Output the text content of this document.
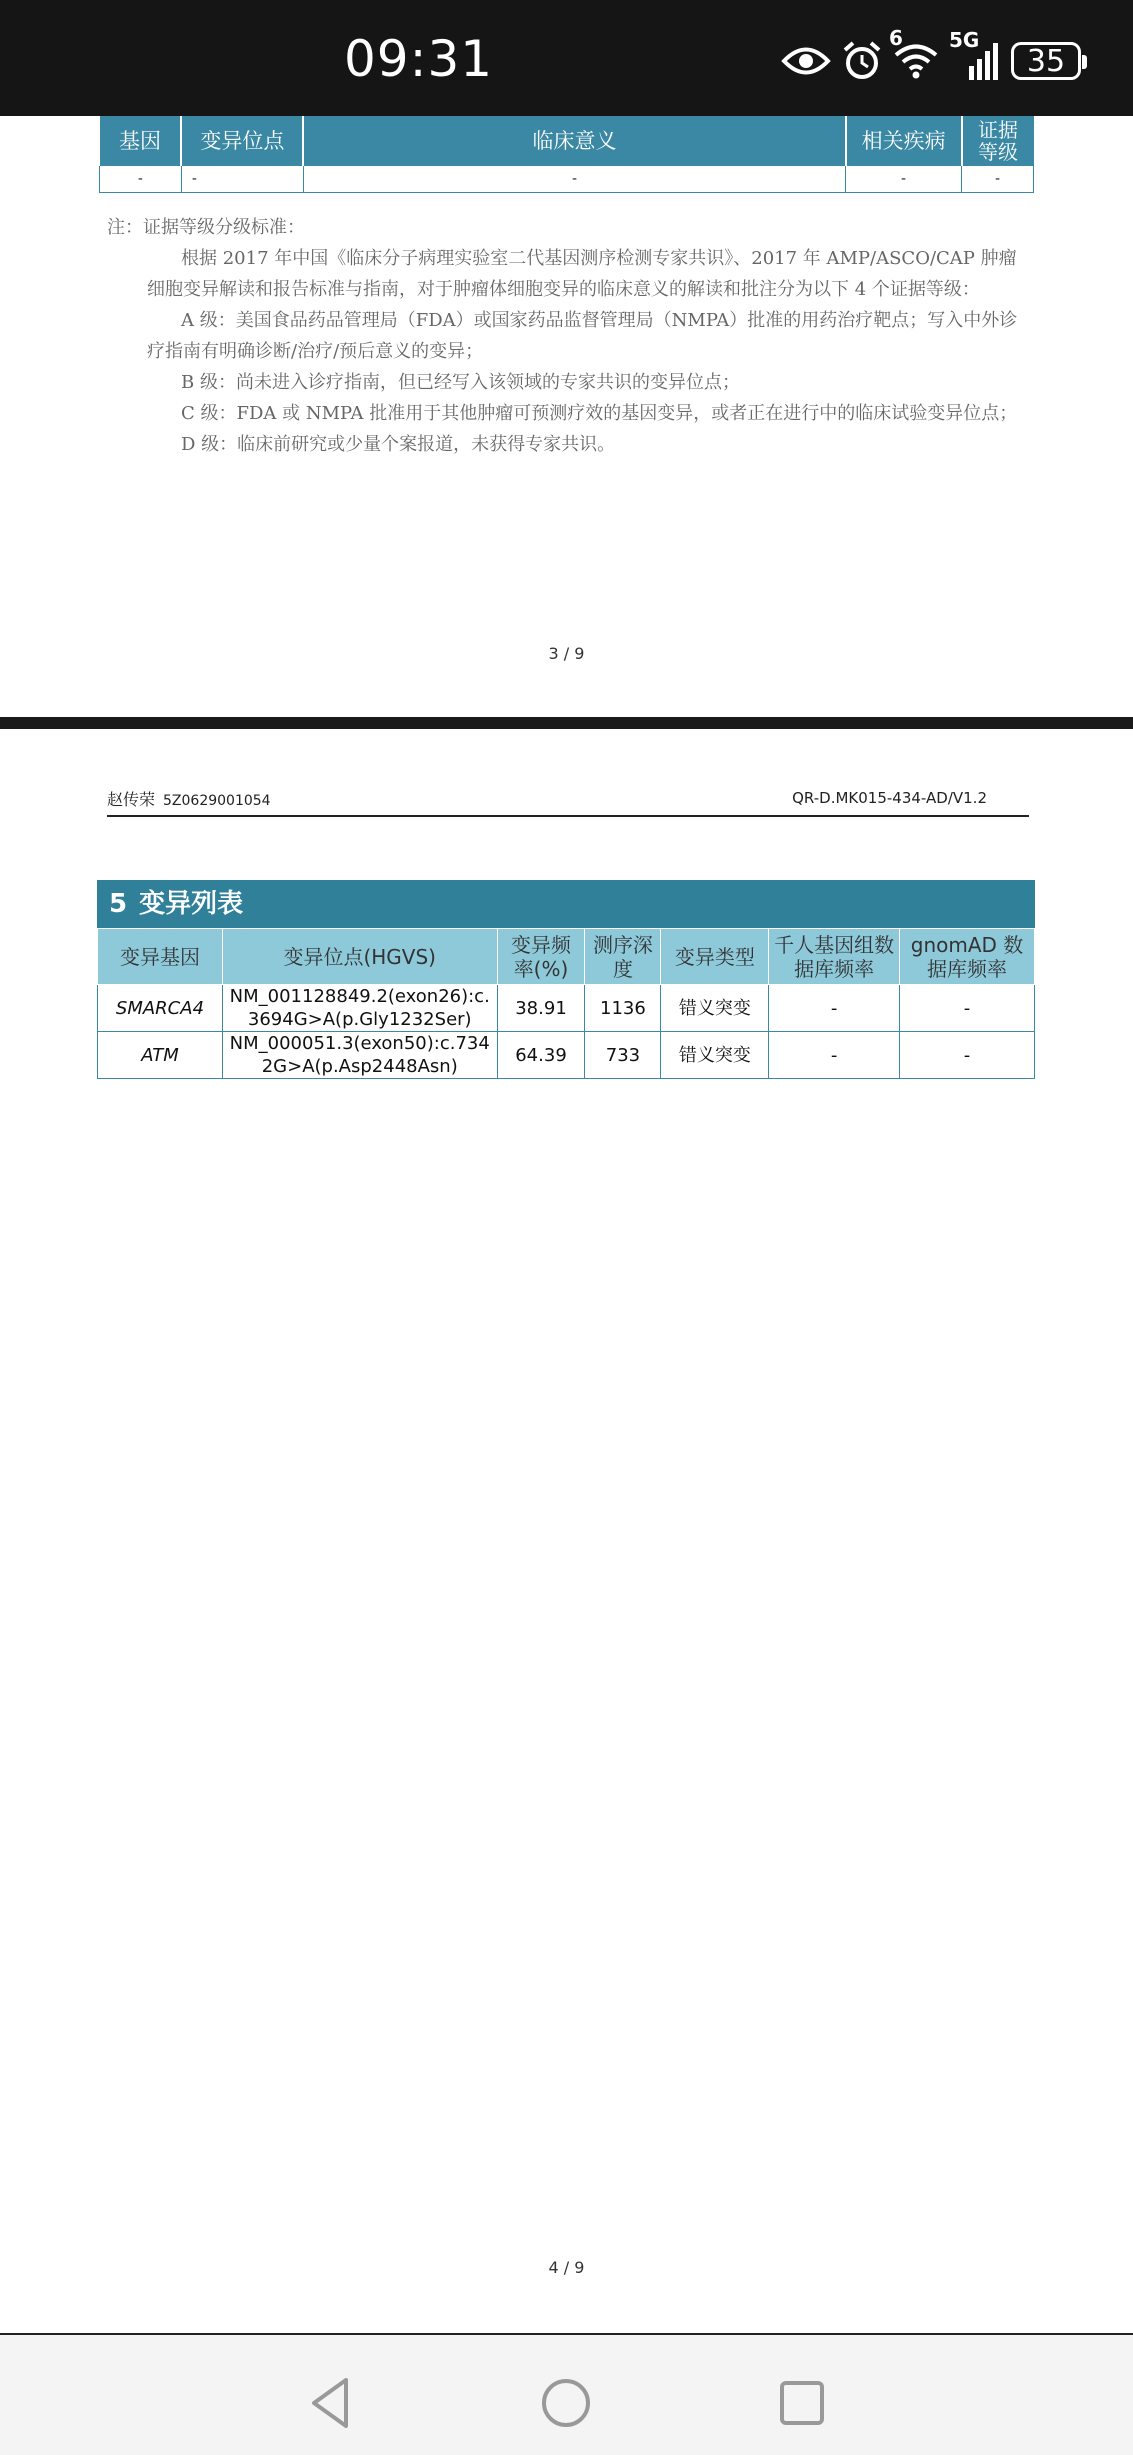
09:31	6 5G
35
基因	变异位点	临床意义	相关疾病	证据等级
-	-	-	-	-

注：证据等级分级标准：

根据 2017 年中国《临床分子病理实验室二代基因测序检测专家共识》、2017 年 AMP/ASCO/CAP 肿瘤细胞变异解读和报告标准与指南，对于肿瘤体细胞变异的临床意义的解读和批注分为以下 4 个证据等级：

A 级：美国食品药品管理局（FDA）或国家药品监督管理局（NMPA）批准的用药治疗靶点；写入中外诊疗指南有明确诊断/治疗/预后意义的变异；

B 级：尚未进入诊疗指南，但已经写入该领域的专家共识的变异位点；

C 级：FDA 或 NMPA 批准用于其他肿瘤可预测疗效的基因变异，或者正在进行中的临床试验变异位点；

D 级：临床前研究或少量个案报道，未获得专家共识。

3 / 9
赵传荣 5Z0629001054	QR-D.MK015-434-AD/V1.2
5 变异列表
变异基因	变异位点(HGVS)	变异频率(%)	测序深度	变异类型	千人基因组数据库频率	gnomAD 数据库频率
SMARCA4	NM_001128849.2(exon26):c.3694G>A(p.Gly1232Ser)	38.91	1136	错义突变	-	-
ATM	NM_000051.3(exon50):c.7342G>A(p.Asp2448Asn)	64.39	733	错义突变	-	-
4 / 9
